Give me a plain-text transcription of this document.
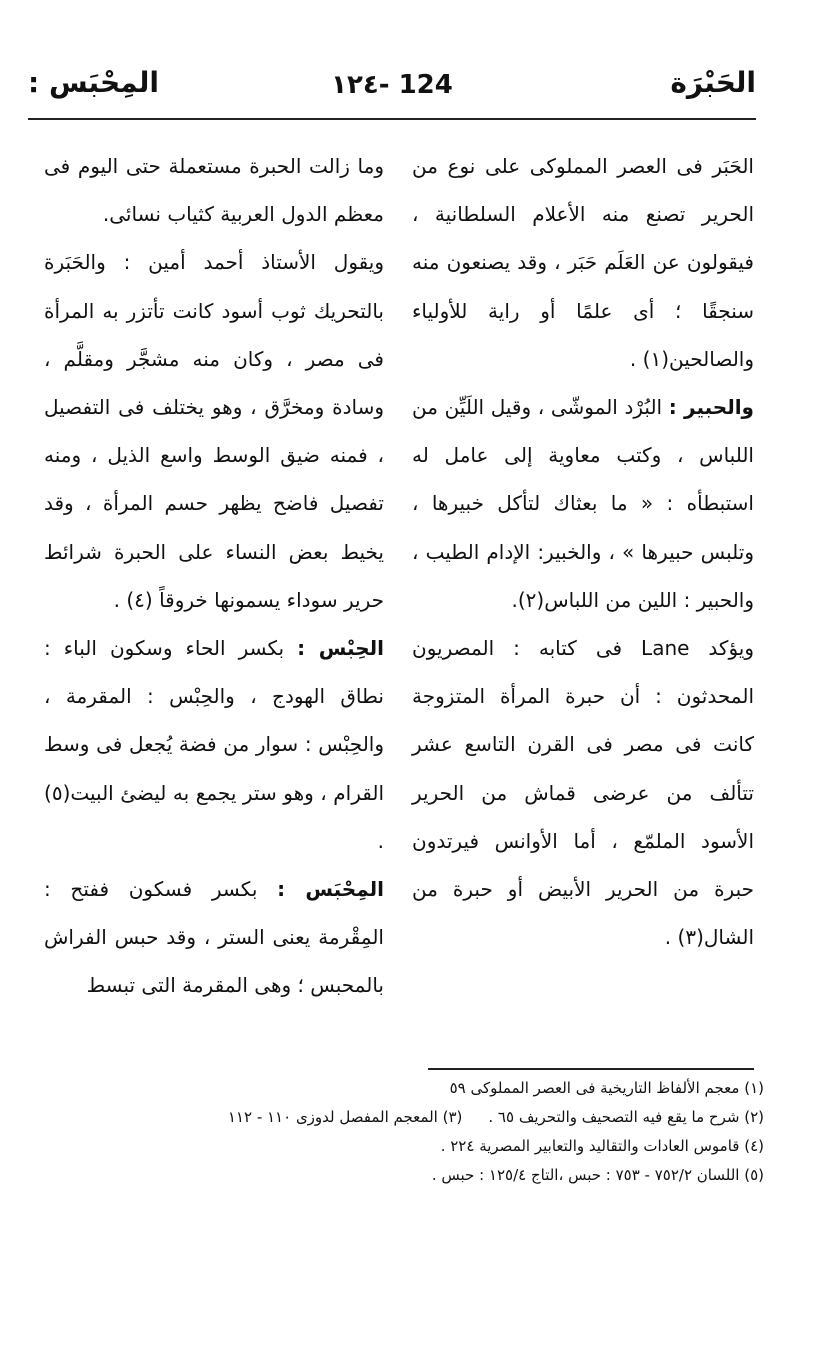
الحَبْرَة
١٢٤- 124
المِحْبَس :

الحَبَر فى العصر المملوكى على نوع من الحرير تصنع منه الأعلام السلطانية ، فيقولون عن العَلَم حَبَر ، وقد يصنعون منه سنجقًا ؛ أى علمًا أو راية للأولياء والصالحين(١) .

والحبير : البُرْد الموشّى ، وقيل اللَيِّن من اللباس ، وكتب معاوية إلى عامل له استبطأه : « ما بعثاك لتأكل خبيرها ، وتلبس حبيرها » ، والخبير: الإدام الطيب ، والحبير : اللين من اللباس(٢).

ويؤكد Lane فى كتابه : المصريون المحدثون : أن حبرة المرأة المتزوجة كانت فى مصر فى القرن التاسع عشر تتألف من عرضى قماش من الحرير الأسود الملمّع ، أما الأوانس فيرتدون حبرة من الحرير الأبيض أو حبرة من الشال(٣) .

وما زالت الحبرة مستعملة حتى اليوم فى معظم الدول العربية كثياب نسائى.

ويقول الأستاذ أحمد أمين : والحَبَرة بالتحريك ثوب أسود كانت تأتزر به المرأة فى مصر ، وكان منه مشجَّر ومقلَّم ، وسادة ومخرَّق ، وهو يختلف فى التفصيل ، فمنه ضيق الوسط واسع الذيل ، ومنه تفصيل فاضح يظهر حسم المرأة ، وقد يخيط بعض النساء على الحبرة شرائط حرير سوداء يسمونها خروقاً (٤) .

الحِبْس : بكسر الحاء وسكون الباء : نطاق الهودج ، والحِبْس : المقرمة ، والحِبْس : سوار من فضة يُجعل فى وسط القرام ، وهو ستر يجمع به ليضئ البيت(٥) .

المِحْبَس : بكسر فسكون ففتح : المِقْرمة يعنى الستر ، وقد حبس الفراش بالمحبس ؛ وهى المقرمة التى تبسط

(١) معجم الألفاظ التاريخية فى العصر المملوكى ٥٩
(٢) شرح ما يقع فيه التصحيف والتحريف ٦٥ .(٣) المعجم المفصل لدوزى ١١٠ - ١١٢
(٤) قاموس العادات والتقاليد والتعابير المصرية ٢٢٤ .
(٥) اللسان ٧٥٢/٢ - ٧٥٣ : حبس ،التاج ١٢٥/٤ : حبس .
